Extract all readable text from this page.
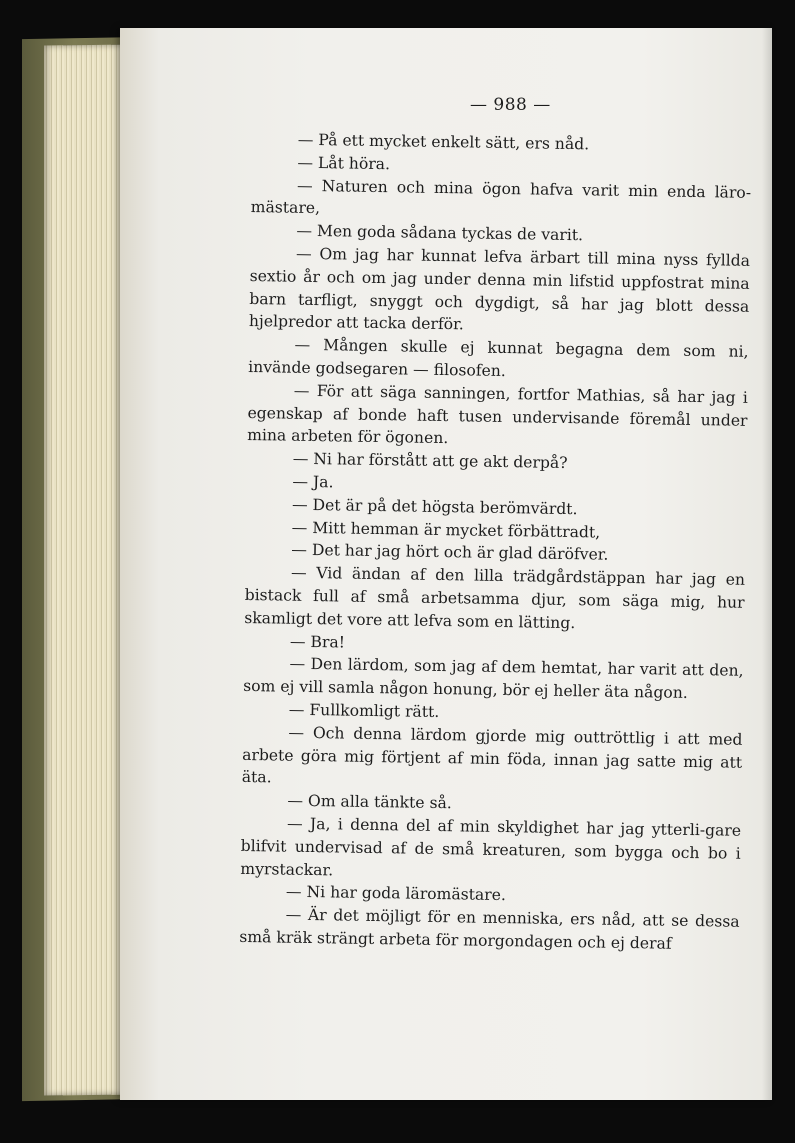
— 988 —

— På ett mycket enkelt sätt, ers nåd.

— Låt höra.

— Naturen och mina ögon hafva varit min enda läro-mästare,

— Men goda sådana tyckas de varit.

— Om jag har kunnat lefva ärbart till mina nyss fyllda sextio år och om jag under denna min lifstid uppfostrat mina barn tarfligt, snyggt och dygdigt, så har jag blott dessa hjelpredor att tacka derför.

— Mången skulle ej kunnat begagna dem som ni, invände godsegaren — filosofen.

— För att säga sanningen, fortfor Mathias, så har jag i egenskap af bonde haft tusen undervisande föremål under mina arbeten för ögonen.

— Ni har förstått att ge akt derpå?

— Ja.

— Det är på det högsta berömvärdt.

— Mitt hemman är mycket förbättradt,

— Det har jag hört och är glad däröfver.

— Vid ändan af den lilla trädgårdstäppan har jag en bistack full af små arbetsamma djur, som säga mig, hur skamligt det vore att lefva som en lätting.

— Bra!

— Den lärdom, som jag af dem hemtat, har varit att den, som ej vill samla någon honung, bör ej heller äta någon.

— Fullkomligt rätt.

— Och denna lärdom gjorde mig outtröttlig i att med arbete göra mig förtjent af min föda, innan jag satte mig att äta.

— Om alla tänkte så.

— Ja, i denna del af min skyldighet har jag ytterli-gare blifvit undervisad af de små kreaturen, som bygga och bo i myrstackar.

— Ni har goda läromästare.

— Är det möjligt för en menniska, ers nåd, att se dessa små kräk strängt arbeta för morgondagen och ej deraf
